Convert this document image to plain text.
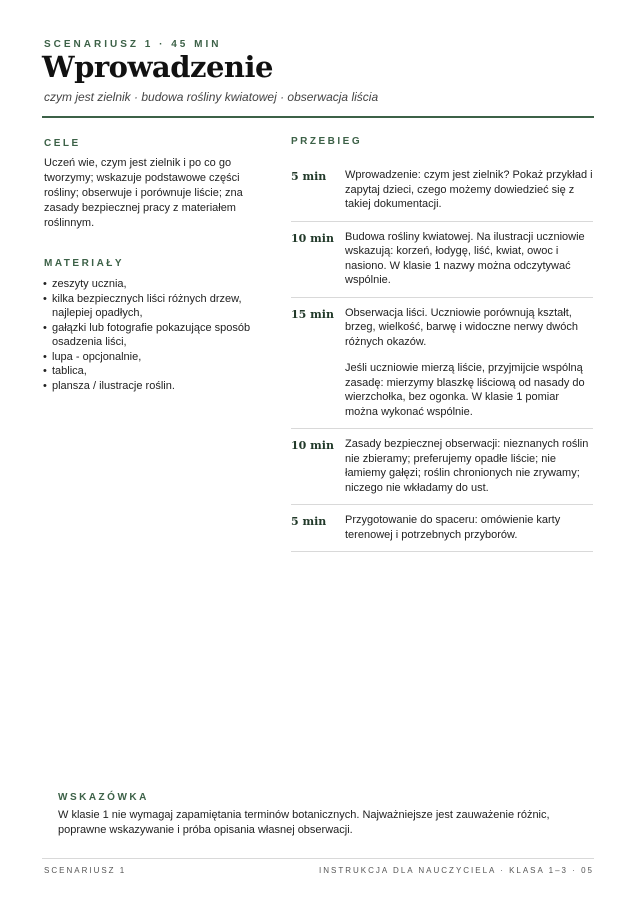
SCENARIUSZ 1 · 45 MIN
Wprowadzenie
czym jest zielnik · budowa rośliny kwiatowej · obserwacja liścia
CELE

Uczeń wie, czym jest zielnik i po co go tworzymy; wskazuje podstawowe części rośliny; obserwuje i porównuje liście; zna zasady bezpiecznej pracy z materiałem roślinnym.

MATERIAŁY
• zeszyty ucznia,
• kilka bezpiecznych liści różnych drzew, najlepiej opadłych,
• gałązki lub fotografie pokazujące sposób osadzenia liści,
• lupa - opcjonalnie,
• tablica,
• plansza / ilustracje roślin.
PRZEBIEG
5 min	Wprowadzenie: czym jest zielnik? Pokaż przykład i zapytaj dzieci, czego możemy dowiedzieć się z takiej dokumentacji.

10 min	Budowa rośliny kwiatowej. Na ilustracji uczniowie wskazują: korzeń, łodygę, liść, kwiat, owoc i nasiono. W klasie 1 nazwy można odczytywać wspólnie.

15 min	Obserwacja liści. Uczniowie porównują kształt, brzeg, wielkość, barwę i widoczne nerwy dwóch różnych okazów.

Jeśli uczniowie mierzą liście, przyjmijcie wspólną zasadę: mierzymy blaszkę liściową od nasady do wierzchołka, bez ogonka. W klasie 1 pomiar można wykonać wspólnie.

10 min	Zasady bezpiecznej obserwacji: nieznanych roślin nie zbieramy; preferujemy opadłe liście; nie łamiemy gałęzi; roślin chronionych nie zrywamy; niczego nie wkładamy do ust.

5 min	Przygotowanie do spaceru: omówienie karty terenowej i potrzebnych przyborów.

WSKAZÓWKA
W klasie 1 nie wymagaj zapamiętania terminów botanicznych. Najważniejsze jest zauważenie różnic, poprawne wskazywanie i próba opisania własnej obserwacji.
SCENARIUSZ 1	INSTRUKCJA DLA NAUCZYCIELA · KLASA 1–3 · 05
